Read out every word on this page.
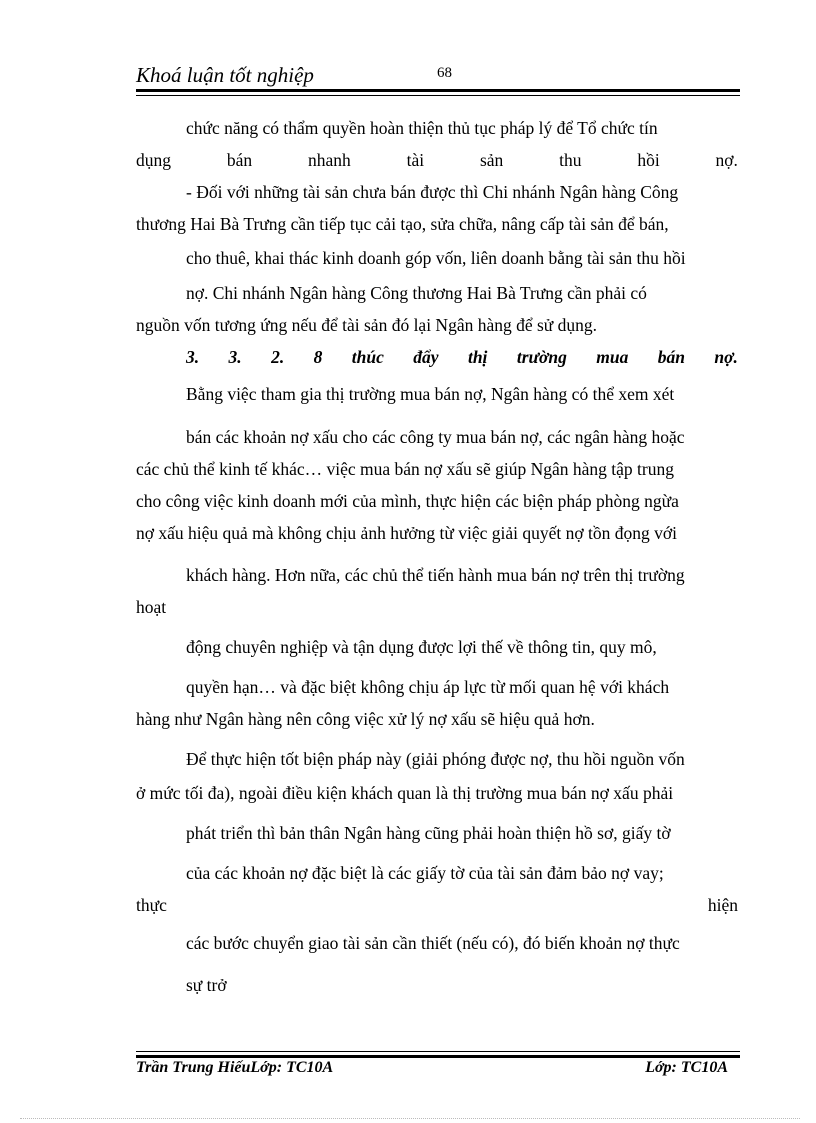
Khoá luận tốt nghiệp	68
chức năng có thẩm quyền hoàn thiện thủ tục pháp lý để Tổ chức tín
dụng	bán	nhanh	tài	sản	thu	hồi	nợ.
- Đối với những tài sản chưa bán được thì Chi nhánh Ngân hàng Công
thương Hai Bà Trưng cần tiếp tục cải tạo, sửa chữa, nâng cấp tài sản để bán,
cho thuê, khai thác kinh doanh góp vốn, liên doanh bằng tài sản thu hồi
nợ. Chi nhánh Ngân hàng Công thương Hai Bà Trưng cần phải có
nguồn vốn tương ứng nếu để tài sản đó lại Ngân hàng để sử dụng.
3. 3. 2. 8 thúc đẩy thị trường mua bán nợ.
Bằng việc tham gia thị trường mua bán nợ, Ngân hàng có thể xem xét
bán các khoản nợ xấu cho các công ty mua bán nợ, các ngân hàng hoặc
các chủ thể kinh tế khác… việc mua bán nợ xấu sẽ giúp Ngân hàng tập trung
cho công việc kinh doanh mới của mình, thực hiện các biện pháp phòng ngừa
nợ xấu hiệu quả mà không chịu ảnh hưởng từ việc giải quyết nợ tồn đọng với
khách hàng. Hơn nữa, các chủ thể tiến hành mua bán nợ trên thị trường
hoạt
động chuyên nghiệp và tận dụng được lợi thế về thông tin, quy mô,
quyền hạn… và đặc biệt không chịu áp lực từ mối quan hệ với khách
hàng như Ngân hàng nên công việc xử lý nợ xấu sẽ hiệu quả hơn.
Để thực hiện tốt biện pháp này (giải phóng được nợ, thu hồi nguồn vốn
ở mức tối đa), ngoài điều kiện khách quan là thị trường mua bán nợ xấu phải
phát triển thì bản thân Ngân hàng cũng phải hoàn thiện hồ sơ, giấy tờ
của các khoản nợ đặc biệt là các giấy tờ của tài sản đảm bảo nợ vay;
thực	hiện
các bước chuyển giao tài sản cần thiết (nếu có), đó biến khoản nợ thực
sự trở
Trần Trung HiếuLớp: TC10A	Lớp: TC10A
